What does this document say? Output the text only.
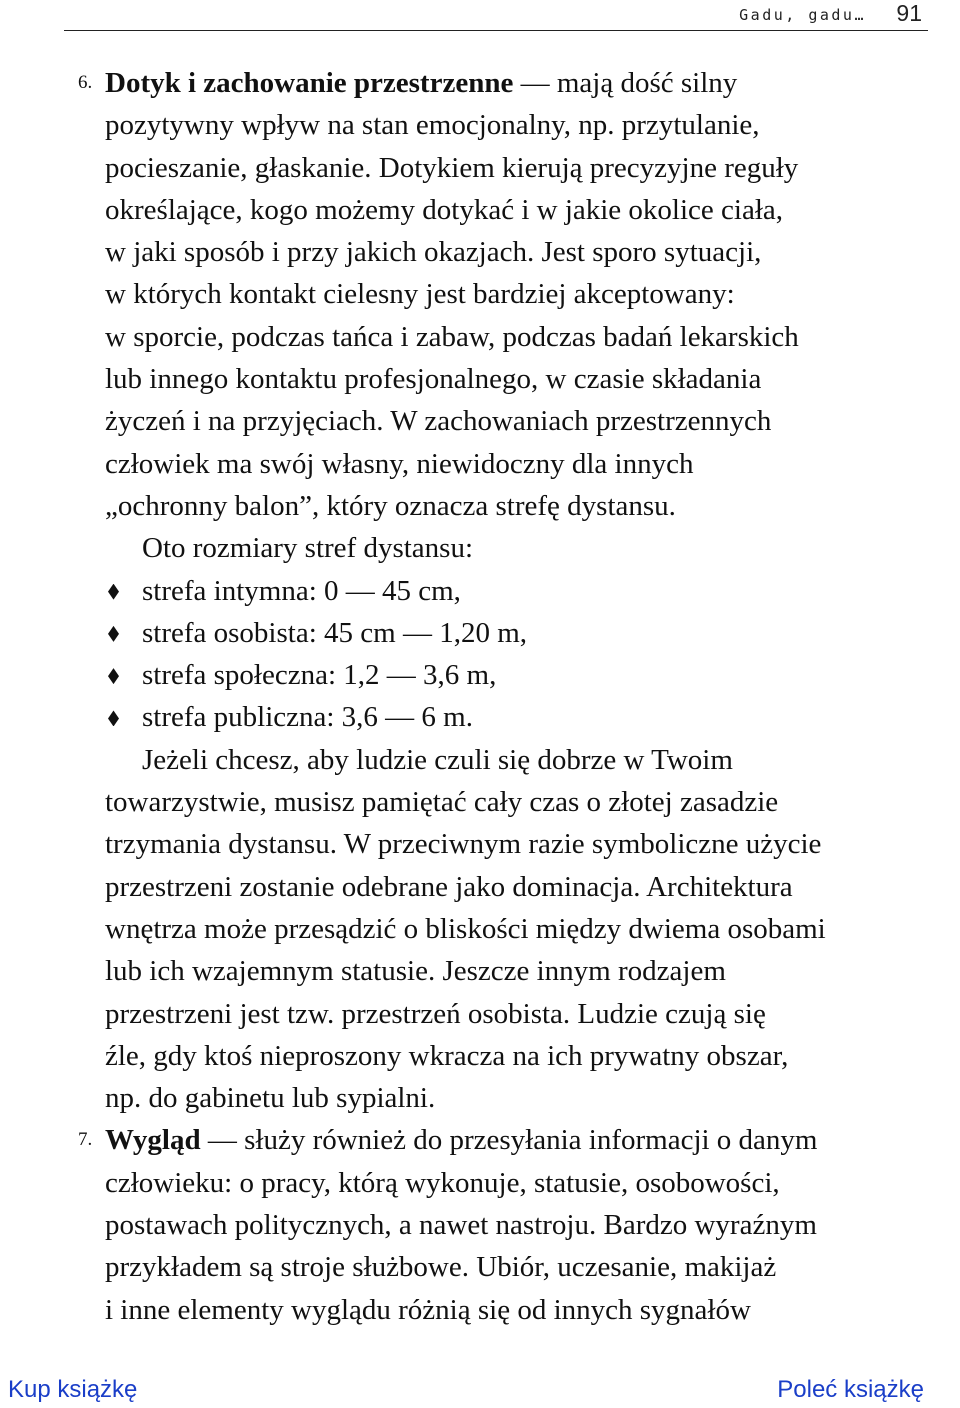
Gadu, gadu… 91
6. Dotyk i zachowanie przestrzenne — mają dość silny
pozytywny wpływ na stan emocjonalny, np. przytulanie,
pocieszanie, głaskanie. Dotykiem kierują precyzyjne reguły
określające, kogo możemy dotykać i w jakie okolice ciała,
w jaki sposób i przy jakich okazjach. Jest sporo sytuacji,
w których kontakt cielesny jest bardziej akceptowany:
w sporcie, podczas tańca i zabaw, podczas badań lekarskich
lub innego kontaktu profesjonalnego, w czasie składania
życzeń i na przyjęciach. W zachowaniach przestrzennych
człowiek ma swój własny, niewidoczny dla innych
„ochronny balon”, który oznacza strefę dystansu.

Oto rozmiary stref dystansu:

strefa intymna: 0 — 45 cm,
strefa osobista: 45 cm — 1,20 m,
strefa społeczna: 1,2 — 3,6 m,
strefa publiczna: 3,6 — 6 m.

Jeżeli chcesz, aby ludzie czuli się dobrze w Twoim
towarzystwie, musisz pamiętać cały czas o złotej zasadzie
trzymania dystansu. W przeciwnym razie symboliczne użycie
przestrzeni zostanie odebrane jako dominacja. Architektura
wnętrza może przesądzić o bliskości między dwiema osobami
lub ich wzajemnym statusie. Jeszcze innym rodzajem
przestrzeni jest tzw. przestrzeń osobista. Ludzie czują się
źle, gdy ktoś nieproszony wkracza na ich prywatny obszar,
np. do gabinetu lub sypialni.

7. Wygląd — służy również do przesyłania informacji o danym
człowieku: o pracy, którą wykonuje, statusie, osobowości,
postawach politycznych, a nawet nastroju. Bardzo wyraźnym
przykładem są stroje służbowe. Ubiór, uczesanie, makijaż
i inne elementy wyglądu różnią się od innych sygnałów

Kup książkę	Poleć książkę
